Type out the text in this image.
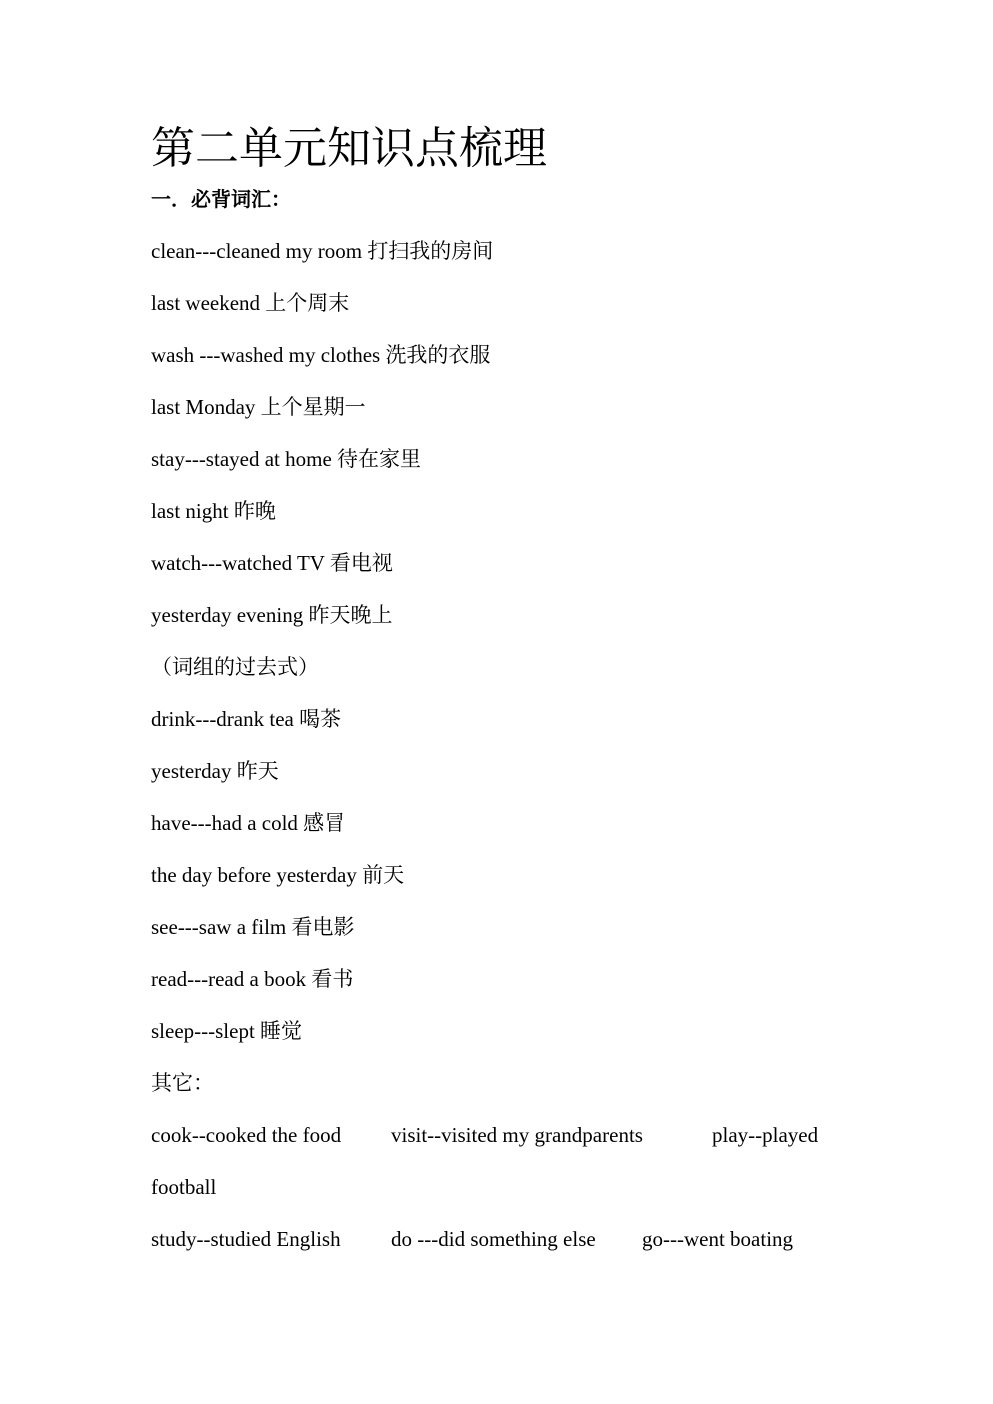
第二单元知识点梳理
一．必背词汇：
clean---cleaned my room 打扫我的房间
last weekend 上个周末
wash ---washed my clothes 洗我的衣服
last Monday 上个星期一
stay---stayed at home 待在家里
last night 昨晚
watch---watched TV 看电视
yesterday evening 昨天晚上
（词组的过去式）
drink---drank tea 喝茶
yesterday 昨天
have---had a cold 感冒
the day before yesterday 前天
see---saw a film 看电影
read---read a book 看书
sleep---slept 睡觉
其它：
cook--cooked the food visit--visited my grandparents	play--played
football
study--studied English do ---did something else go---went boating
